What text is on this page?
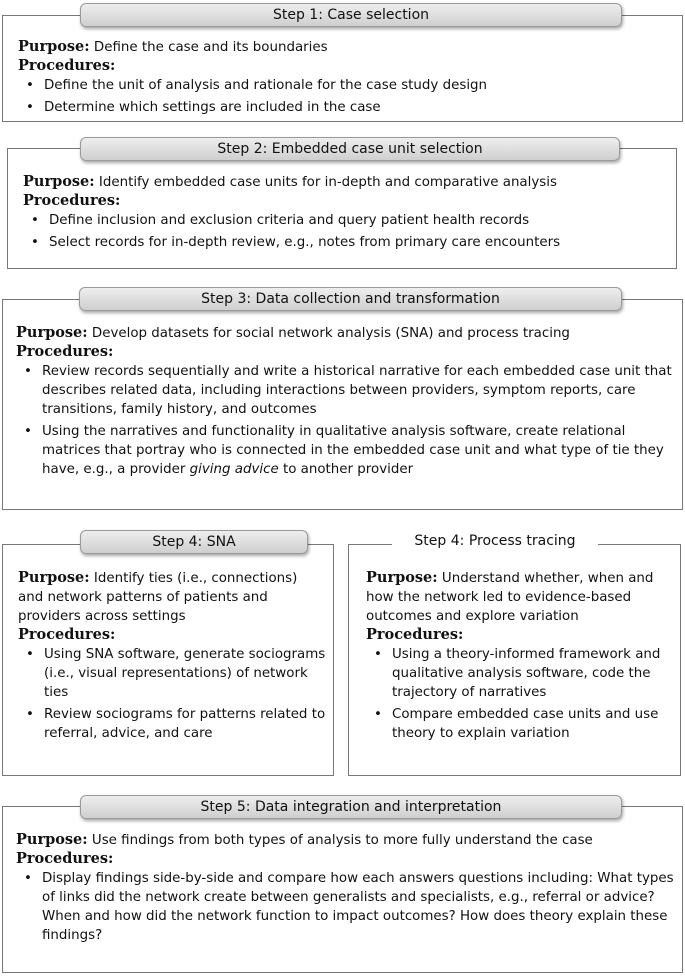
Step 1: Case selection

Purpose: Define the case and its boundaries

Procedures:
• Define the unit of analysis and rationale for the case study design
• Determine which settings are included in the case
Step 2: Embedded case unit selection

Purpose: Identify embedded case units for in-depth and comparative analysis

Procedures:
• Define inclusion and exclusion criteria and query patient health records
• Select records for in-depth review, e.g., notes from primary care encounters
Step 3: Data collection and transformation

Purpose: Develop datasets for social network analysis (SNA) and process tracing

Procedures:
• Review records sequentially and write a historical narrative for each embedded case unit that describes related data, including interactions between providers, symptom reports, care transitions, family history, and outcomes
• Using the narratives and functionality in qualitative analysis software, create relational matrices that portray who is connected in the embedded case unit and what type of tie they have, e.g., a provider giving advice to another provider
Step 4: SNA

Purpose: Identify ties (i.e., connections) and network patterns of patients and providers across settings

Procedures:
• Using SNA software, generate sociograms (i.e., visual representations) of network ties
• Review sociograms for patterns related to referral, advice, and care
Step 4: Process tracing

Purpose: Understand whether, when and how the network led to evidence-based outcomes and explore variation

Procedures:
• Using a theory-informed framework and qualitative analysis software, code the trajectory of narratives
• Compare embedded case units and use theory to explain variation
Step 5: Data integration and interpretation

Purpose: Use findings from both types of analysis to more fully understand the case

Procedures:
• Display findings side-by-side and compare how each answers questions including: What types of links did the network create between generalists and specialists, e.g., referral or advice? When and how did the network function to impact outcomes? How does theory explain these findings?
